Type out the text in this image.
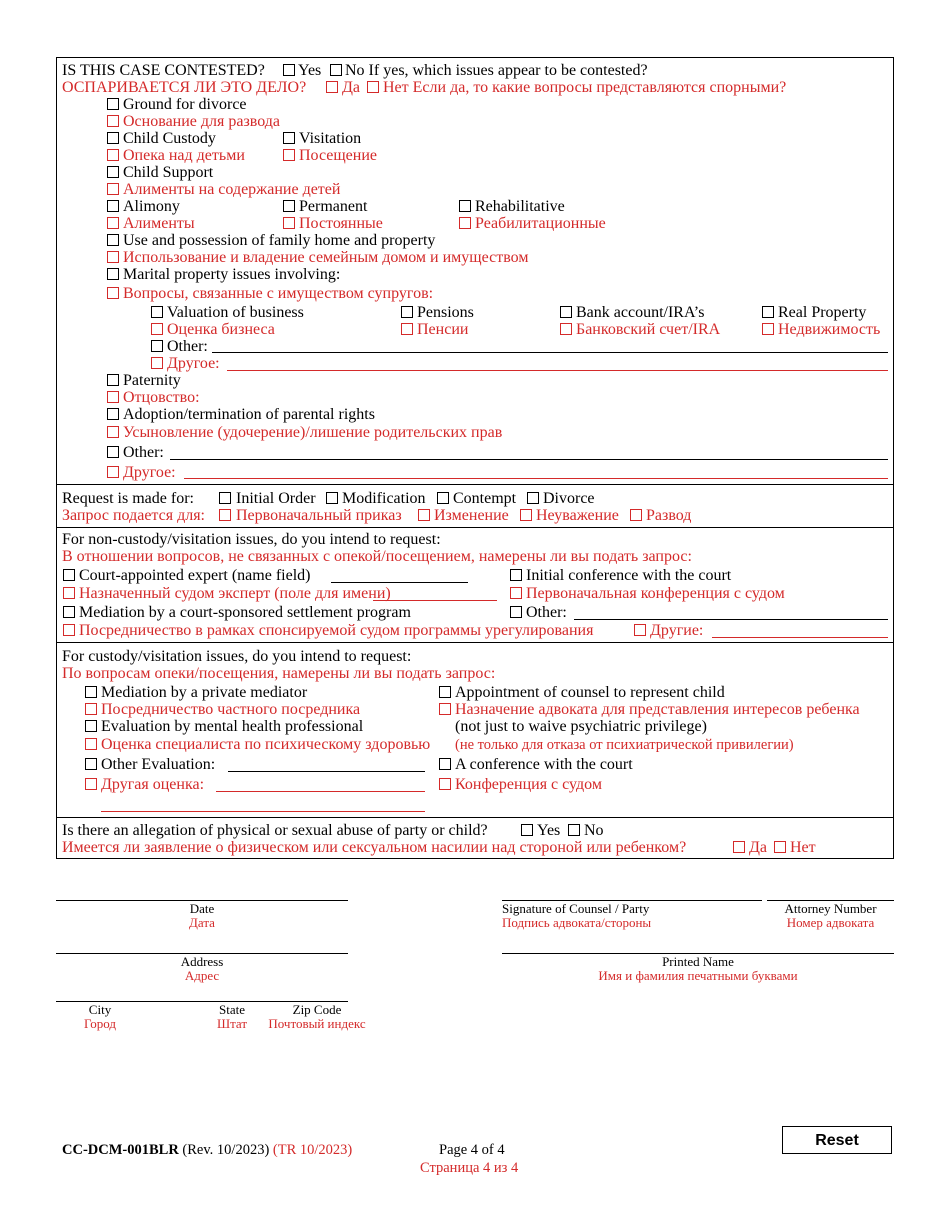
IS THIS CASE CONTESTED? Yes No If yes, which issues appear to be contested?
ОСПАРИВАЕТСЯ ЛИ ЭТО ДЕЛО? Да Нет Если да, то какие вопросы представляются спорными?
Ground for divorce
Основание для развода
Child Custody	Visitation
Опека над детьми	Посещение
Child Support
Алименты на содержание детей
Alimony	Permanent	Rehabilitative
Алименты	Постоянные	Реабилитационные
Use and possession of family home and property
Использование и владение семейным домом и имуществом
Marital property issues involving:
Вопросы, связанные с имуществом супругов:
Valuation of business	Pensions	Bank account/IRA’s	Real Property
Оценка бизнеса	Пенсии	Банковский счет/IRA	Недвижимость
Other:
Другое:
Paternity
Отцовство:
Adoption/termination of parental rights
Усыновление (удочерение)/лишение родительских прав
Other:
Другое:
Request is made for:	Initial Order Modification Contempt Divorce
Запрос подается для: Первоначальный приказ Изменение Неуважение Развод
For non-custody/visitation issues, do you intend to request:
В отношении вопросов, не связанных с опекой/посещением, намерены ли вы подать запрос:
Court-appointed expert (name field)	Initial conference with the court
Назначенный судом эксперт (поле для имени)	Первоначальная конференция с судом
Mediation by a court-sponsored settlement program	Other:
Посредничество в рамках спонсируемой судом программы урегулирования	Другие:
For custody/visitation issues, do you intend to request:
По вопросам опеки/посещения, намерены ли вы подать запрос:
Mediation by a private mediator	Appointment of counsel to represent child
Посредничество частного посредника	Назначение адвоката для представления интересов ребенка
Evaluation by mental health professional	(not just to waive psychiatric privilege)
Оценка специалиста по психическому здоровью (не только для отказа от психиатрической привилегии)
Other Evaluation:	A conference with the court
Другая оценка:	Конференция с судом
Is there an allegation of physical or sexual abuse of party or child?	Yes No
Имеется ли заявление о физическом или сексуальном насилии над стороной или ребенком?	Да Нет
Date
Дата
Signature of Counsel / Party
Подпись адвоката/стороны
Attorney Number
Номер адвоката
Address
Адрес
Printed Name
Имя и фамилия печатными буквами
City
Город
State
Штат
Zip Code
Почтовый индекс
CC-DCM-001BLR (Rev. 10/2023) (TR 10/2023)	Page 4 of 4
Страница 4 из 4
Reset
